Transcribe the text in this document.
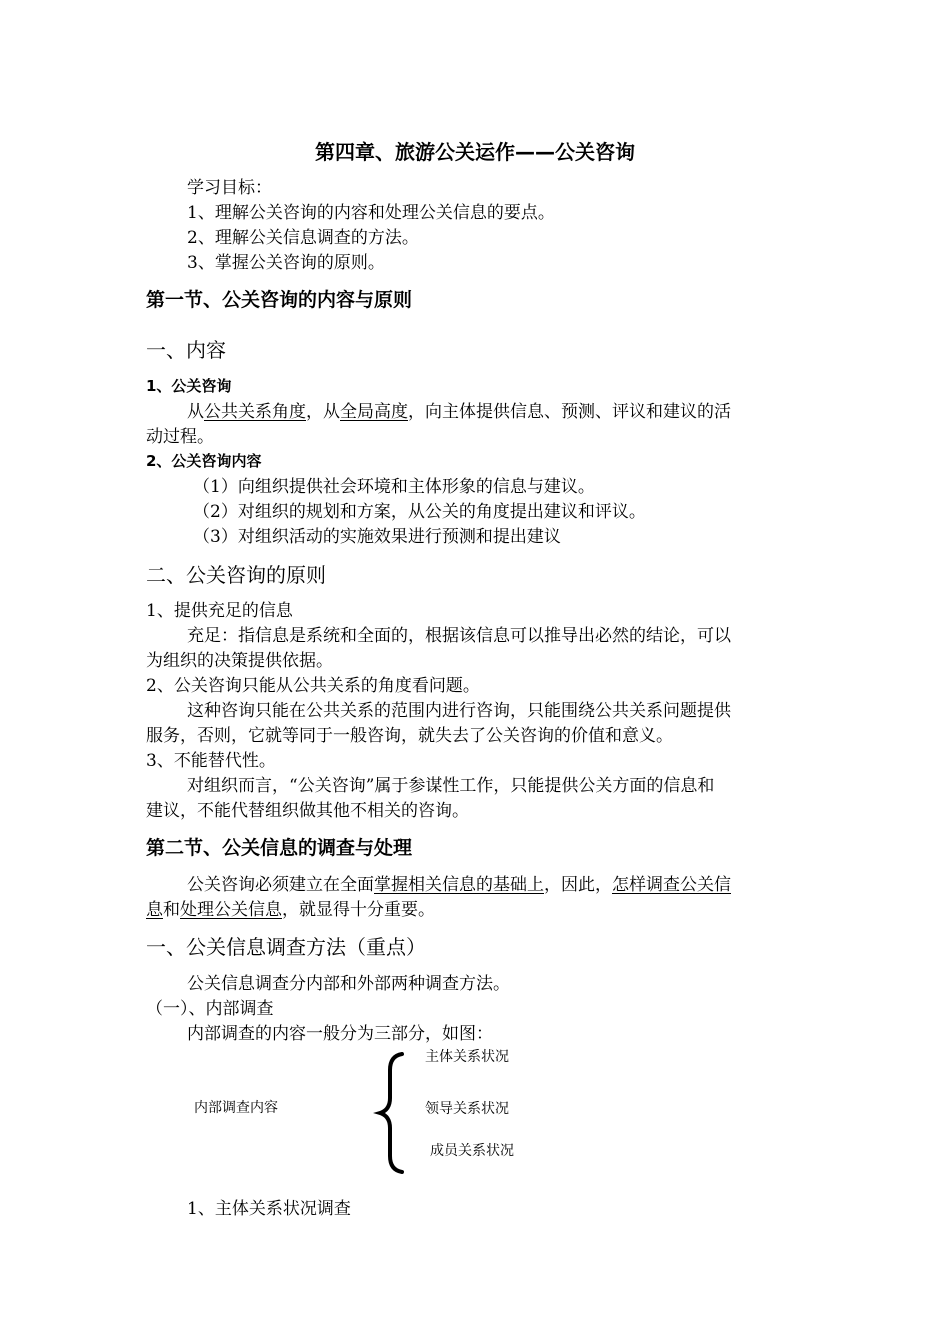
第四章、旅游公关运作——公关咨询
学习目标：
1、理解公关咨询的内容和处理公关信息的要点。
2、理解公关信息调查的方法。
3、掌握公关咨询的原则。
第一节、公关咨询的内容与原则
一、内容
1、公关咨询
从公共关系角度，从全局高度，向主体提供信息、预测、评议和建议的活
动过程。
2、公关咨询内容
（1）向组织提供社会环境和主体形象的信息与建议。
（2）对组织的规划和方案，从公关的角度提出建议和评议。
（3）对组织活动的实施效果进行预测和提出建议
二、公关咨询的原则
1、提供充足的信息
充足：指信息是系统和全面的，根据该信息可以推导出必然的结论，可以
为组织的决策提供依据。
2、公关咨询只能从公共关系的角度看问题。
这种咨询只能在公共关系的范围内进行咨询，只能围绕公共关系问题提供
服务，否则，它就等同于一般咨询，就失去了公关咨询的价值和意义。
3、不能替代性。
对组织而言，“公关咨询”属于参谋性工作，只能提供公关方面的信息和
建议，不能代替组织做其他不相关的咨询。
第二节、公关信息的调查与处理
公关咨询必须建立在全面掌握相关信息的基础上，因此，怎样调查公关信
息和处理公关信息，就显得十分重要。
一、公关信息调查方法（重点）
公关信息调查分内部和外部两种调查方法。
（一）、内部调查
内部调查的内容一般分为三部分，如图：
内部调查内容
主体关系状况
领导关系状况
成员关系状况
1、主体关系状况调查
